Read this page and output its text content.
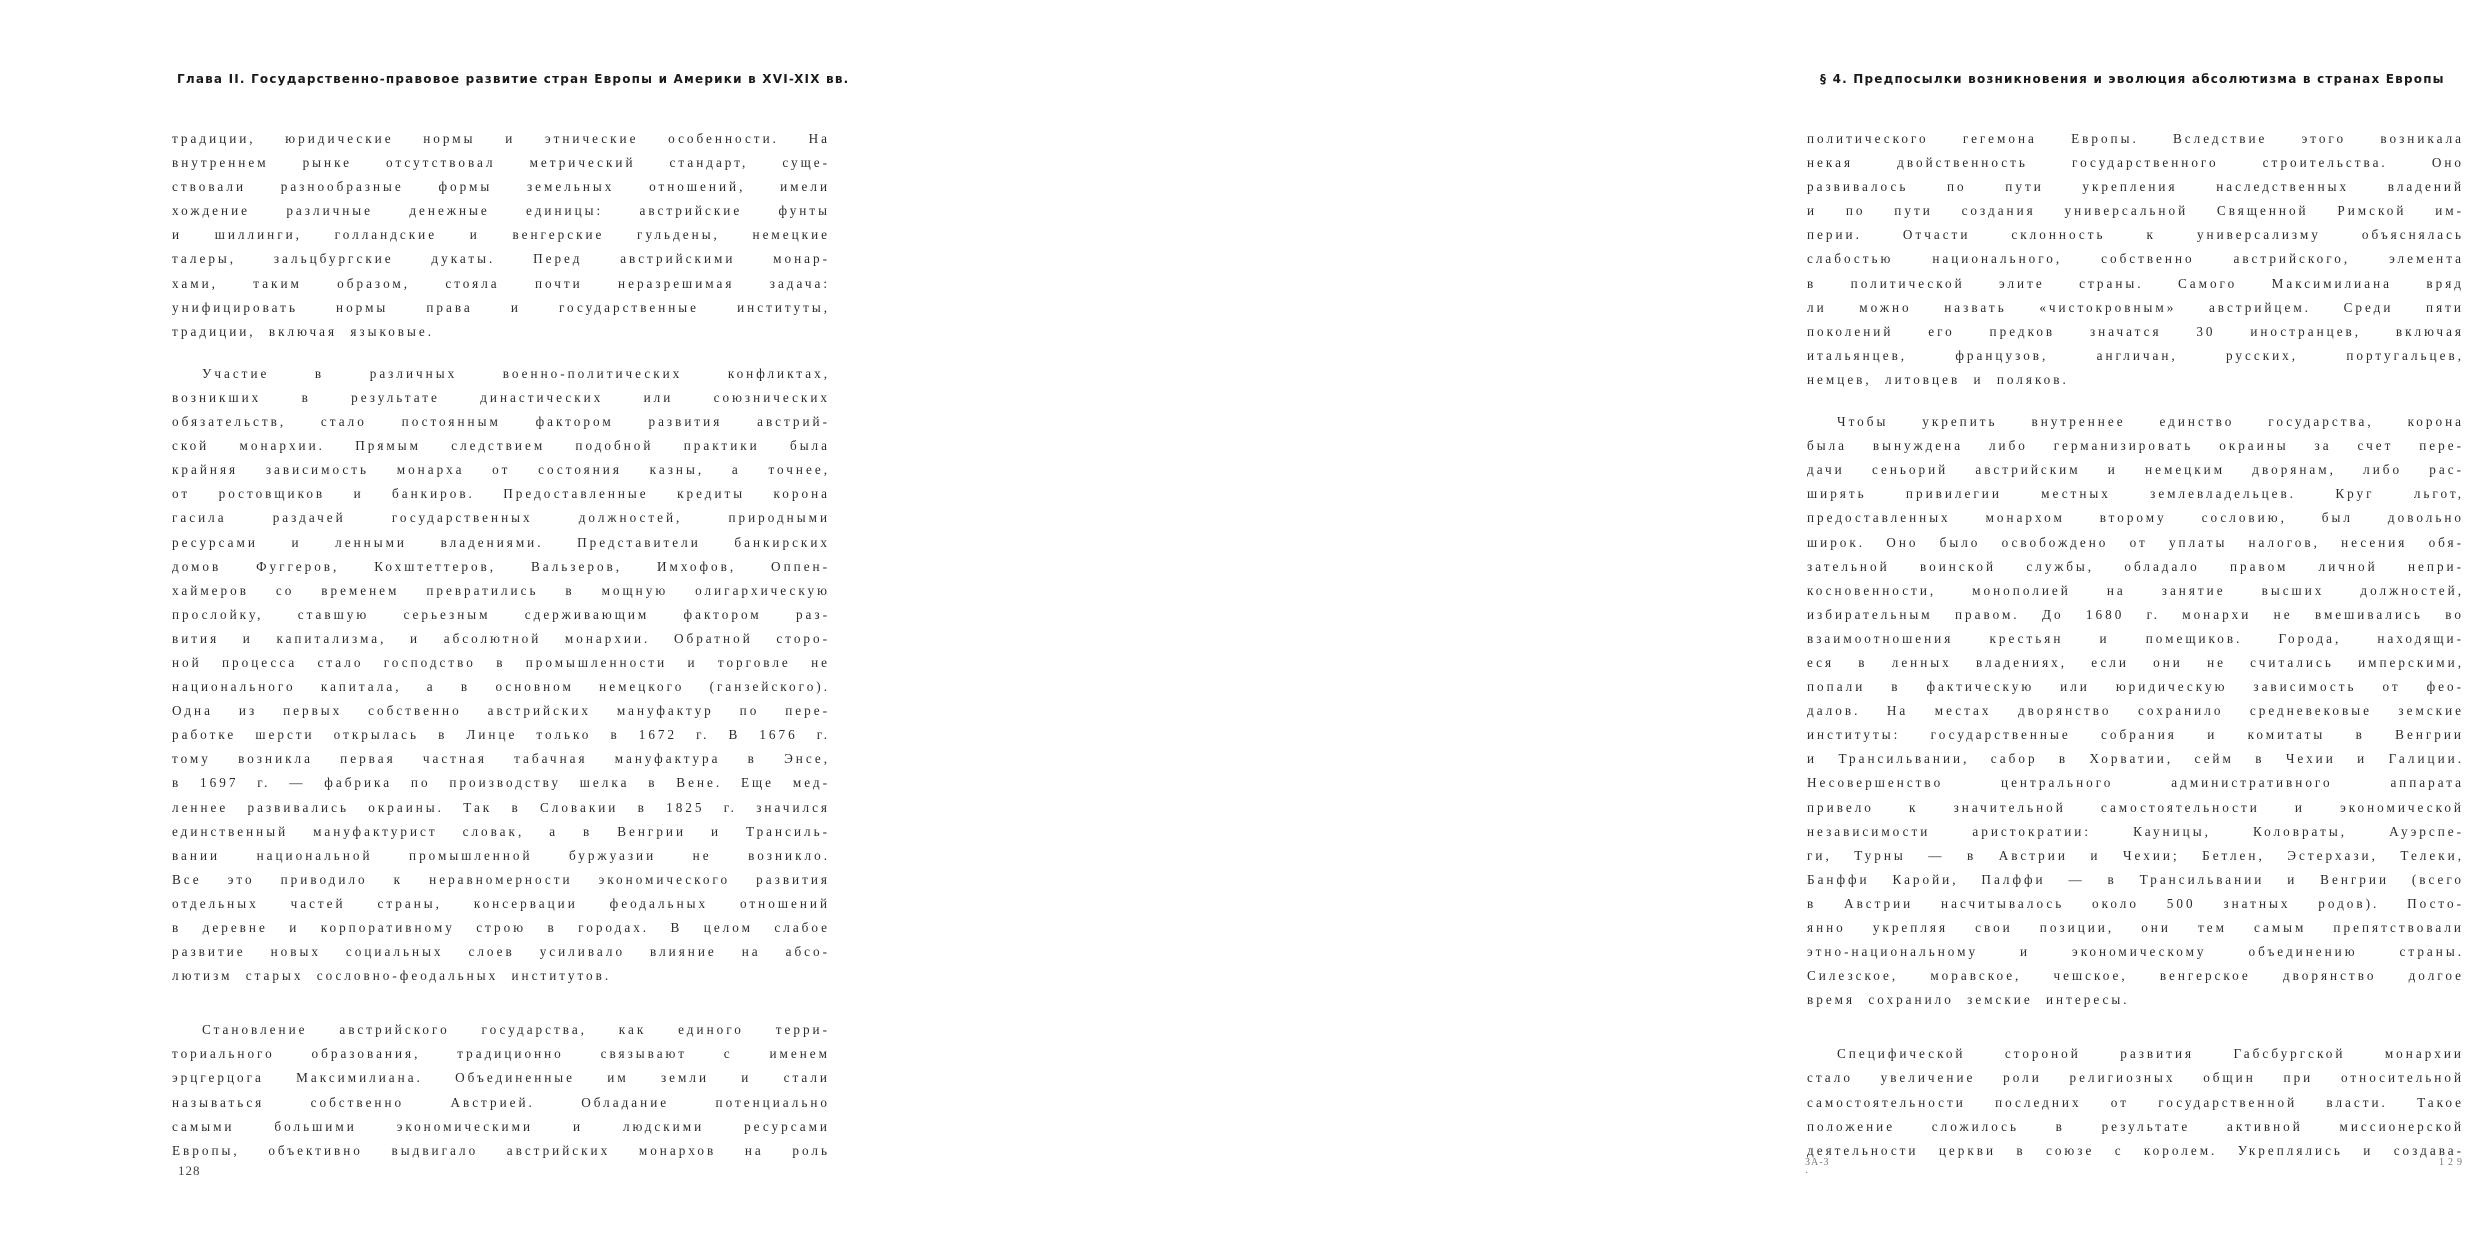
Глава II. Государственно-правовое развитие стран Европы и Америки в XVI-XIX вв.

традиции, юридические нормы и этнические особенности. На

внутреннем рынке отсутствовал метрический стандарт, суще-

ствовали разнообразные формы земельных отношений, имели

хождение различные денежные единицы: австрийские фунты

и шиллинги, голландские и венгерские гульдены, немецкие

талеры, зальцбургские дукаты. Перед австрийскими монар-

хами, таким образом, стояла почти неразрешимая задача:

унифицировать нормы права и государственные институты,

традиции, включая языковые.

Участие в различных военно-политических конфликтах,

возникших в результате династических или союзнических

обязательств, стало постоянным фактором развития австрий-

ской монархии. Прямым следствием подобной практики была

крайняя зависимость монарха от состояния казны, а точнее,

от ростовщиков и банкиров. Предоставленные кредиты корона

гасила раздачей государственных должностей, природными

ресурсами и ленными владениями. Представители банкирских

домов Фуггеров, Кохштеттеров, Вальзеров, Имхофов, Оппен-

хаймеров со временем превратились в мощную олигархическую

прослойку, ставшую серьезным сдерживающим фактором раз-

вития и капитализма, и абсолютной монархии. Обратной сторо-

ной процесса стало господство в промышленности и торговле не

национального капитала, а в основном немецкого (ганзейского).

Одна из первых собственно австрийских мануфактур по пере-

работке шерсти открылась в Линце только в 1672 г. В 1676 г.

тому возникла первая частная табачная мануфактура в Энсе,

в 1697 г. — фабрика по производству шелка в Вене. Еще мед-

леннее развивались окраины. Так в Словакии в 1825 г. значился

единственный мануфактурист словак, а в Венгрии и Трансиль-

вании национальной промышленной буржуазии не возникло.

Все это приводило к неравномерности экономического развития

отдельных частей страны, консервации феодальных отношений

в деревне и корпоративному строю в городах. В целом слабое

развитие новых социальных слоев усиливало влияние на абсо-

лютизм старых сословно-феодальных институтов.

Становление австрийского государства, как единого терри-

ториального образования, традиционно связывают с именем

эрцгерцога Максимилиана. Объединенные им земли и стали

называться собственно Австрией. Обладание потенциально

самыми большими экономическими и людскими ресурсами

Европы, объективно выдвигало австрийских монархов на роль

128
§ 4. Предпосылки возникновения и эволюция абсолютизма в странах Европы

политического гегемона Европы. Вследствие этого возникала

некая двойственность государственного строительства. Оно

развивалось по пути укрепления наследственных владений

и по пути создания универсальной Священной Римской им-

перии. Отчасти склонность к универсализму объяснялась

слабостью национального, собственно австрийского, элемента

в политической элите страны. Самого Максимилиана вряд

ли можно назвать «чистокровным» австрийцем. Среди пяти

поколений его предков значатся 30 иностранцев, включая

итальянцев, французов, англичан, русских, португальцев,

немцев, литовцев и поляков.

Чтобы укрепить внутреннее единство государства, корона

была вынуждена либо германизировать окраины за счет пере-

дачи сеньорий австрийским и немецким дворянам, либо рас-

ширять привилегии местных землевладельцев. Круг льгот,

предоставленных монархом второму сословию, был довольно

широк. Оно было освобождено от уплаты налогов, несения обя-

зательной воинской службы, обладало правом личной непри-

косновенности, монополией на занятие высших должностей,

избирательным правом. До 1680 г. монархи не вмешивались во

взаимоотношения крестьян и помещиков. Города, находящи-

еся в ленных владениях, если они не считались имперскими,

попали в фактическую или юридическую зависимость от фео-

далов. На местах дворянство сохранило средневековые земские

институты: государственные собрания и комитаты в Венгрии

и Трансильвании, сабор в Хорватии, сейм в Чехии и Галиции.

Несовершенство центрального административного аппарата

привело к значительной самостоятельности и экономической

независимости аристократии: Кауницы, Коловраты, Ауэрспе-

ги, Турны — в Австрии и Чехии; Бетлен, Эстерхази, Телеки,

Банффи Каройи, Палффи — в Трансильвании и Венгрии (всего

в Австрии насчитывалось около 500 знатных родов). Посто-

янно укрепляя свои позиции, они тем самым препятствовали

этно-национальному и экономическому объединению страны.

Силезское, моравское, чешское, венгерское дворянство долгое

время сохранило земские интересы.

Специфической стороной развития Габсбургской монархии

стало увеличение роли религиозных общин при относительной

самостоятельности последних от государственной власти. Такое

положение сложилось в результате активной миссионерской

деятельности церкви в союзе с королем. Укреплялись и создава-

ЗА-3 ·
129
